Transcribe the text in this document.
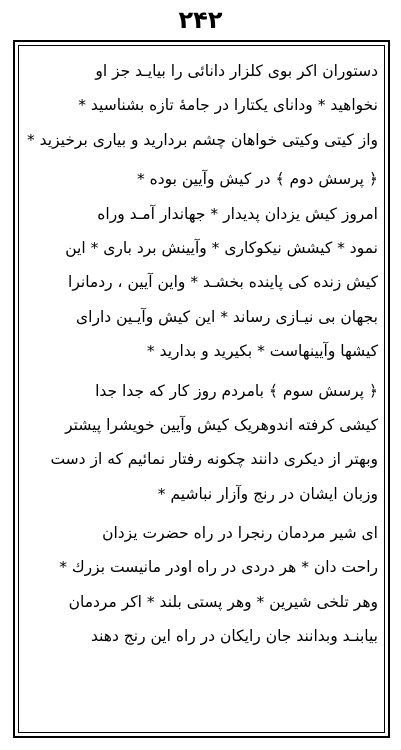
۲۴۲
دستوران اکر بوی کلزار دانائی را بیایـد جز او
نخواهید * ودانای یکتارا در جامهٔ تازه بشناسید *
واز کیتی وکیتی خواهان چشم بردارید و بیاری برخیزید *
﴿ پرسش دوم ﴾ در کیش وآیین بوده *
امروز کیش یزدان پدیدار * جهاندار آمـد وراه
نمود * کیشش نیکوکاری * وآیینش برد باری * این
کیش زنده کی پاینده بخشـد * واین آیین ، ردمانرا
بجهان بی نیـازی رساند * این کیش وآیـین دارای
کیشها وآیینهاست * بکیرید و بدارید *
﴿ پرسش سوم ﴾ بامردم روز کار که جدا جدا
کیشی کرفته اندوهریک کیش وآیین خویشرا پیشتر
وبهتر از دیکری دانند چکونه رفتار نمائیم که از دست
وزبان ایشان در رنج وآزار نباشیم *
ای شیر مردمان رنجرا در راه حضرت یزدان
راحت دان * هر دردی در راه اودر مانیست بزرك *
وهر تلخی شیرین * وهر پستی بلند * اکر مردمان
بیابنـد وبدانند جان رایکان در راه این رنج دهند
